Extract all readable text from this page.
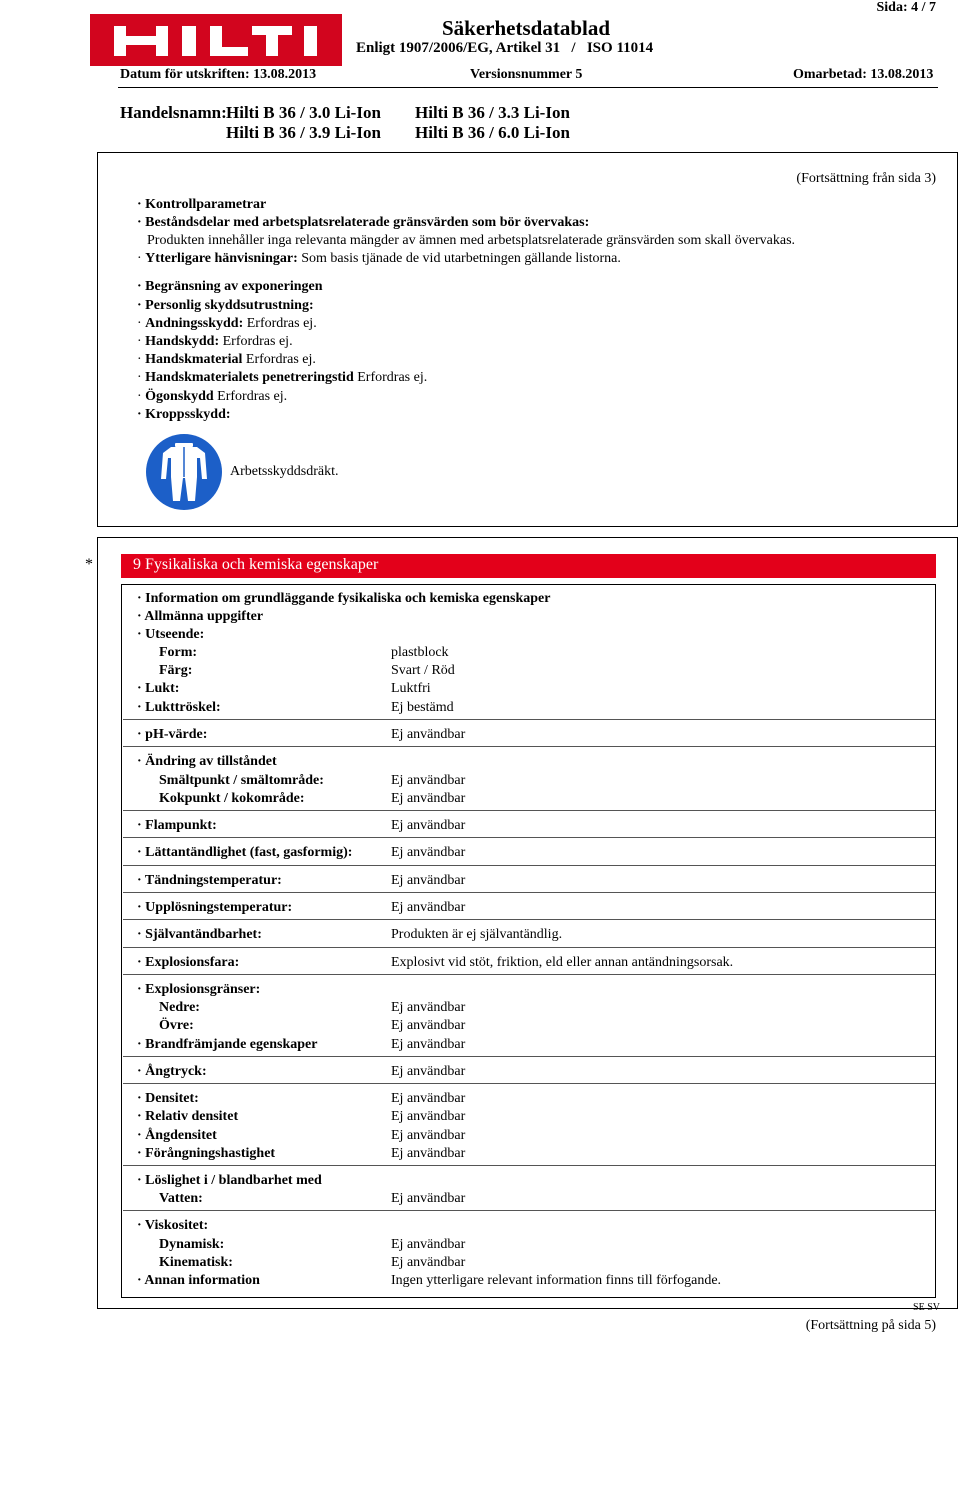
Sida: 4 / 7
Säkerhetsdatablad
Enligt 1907/2006/EG, Artikel 31   /   ISO 11014
Datum för utskriften: 13.08.2013	Versionsnummer 5	Omarbetad: 13.08.2013
Handelsnamn: Hilti B 36 / 3.0 Li-Ion Hilti B 36 / 3.3 Li-Ion
Hilti B 36 / 3.9 Li-Ion Hilti B 36 / 6.0 Li-Ion
(Fortsättning från sida 3)
· Kontrollparametrar
· Beståndsdelar med arbetsplatsrelaterade gränsvärden som bör övervakas:
Produkten innehåller inga relevanta mängder av ämnen med arbetsplatsrelaterade gränsvärden som skall övervakas.
· Ytterligare hänvisningar: Som basis tjänade de vid utarbetningen gällande listorna.
· Begränsning av exponeringen
· Personlig skyddsutrustning:
· Andningsskydd: Erfordras ej.
· Handskydd: Erfordras ej.
· Handskmaterial Erfordras ej.
· Handskmaterialets penetreringstid Erfordras ej.
· Ögonskydd Erfordras ej.
· Kroppsskydd:
Arbetsskyddsdräkt.
*	9 Fysikaliska och kemiska egenskaper
· Information om grundläggande fysikaliska och kemiska egenskaper
· Allmänna uppgifter
· Utseende:
Form:	plastblock
Färg:	Svart / Röd
· Lukt:	Luktfri
· Lukttröskel:	Ej bestämd
· pH-värde:	Ej användbar
· Ändring av tillståndet
Smältpunkt / smältområde:	Ej användbar
Kokpunkt / kokområde:	Ej användbar
· Flampunkt:	Ej användbar
· Lättantändlighet (fast, gasformig):	Ej användbar
· Tändningstemperatur:	Ej användbar
· Upplösningstemperatur:	Ej användbar
· Självantändbarhet:	Produkten är ej självantändlig.
· Explosionsfara:	Explosivt vid stöt, friktion, eld eller annan antändningsorsak.
· Explosionsgränser:
Nedre:	Ej användbar
Övre:	Ej användbar
· Brandfrämjande egenskaper	Ej användbar
· Ångtryck:	Ej användbar
· Densitet:	Ej användbar
· Relativ densitet	Ej användbar
· Ångdensitet	Ej användbar
· Förångningshastighet	Ej användbar
· Löslighet i / blandbarhet med
Vatten:	Ej användbar
· Viskositet:
Dynamisk:	Ej användbar
Kinematisk:	Ej användbar
· Annan information	Ingen ytterligare relevant information finns till förfogande.
SE SV
(Fortsättning på sida 5)
